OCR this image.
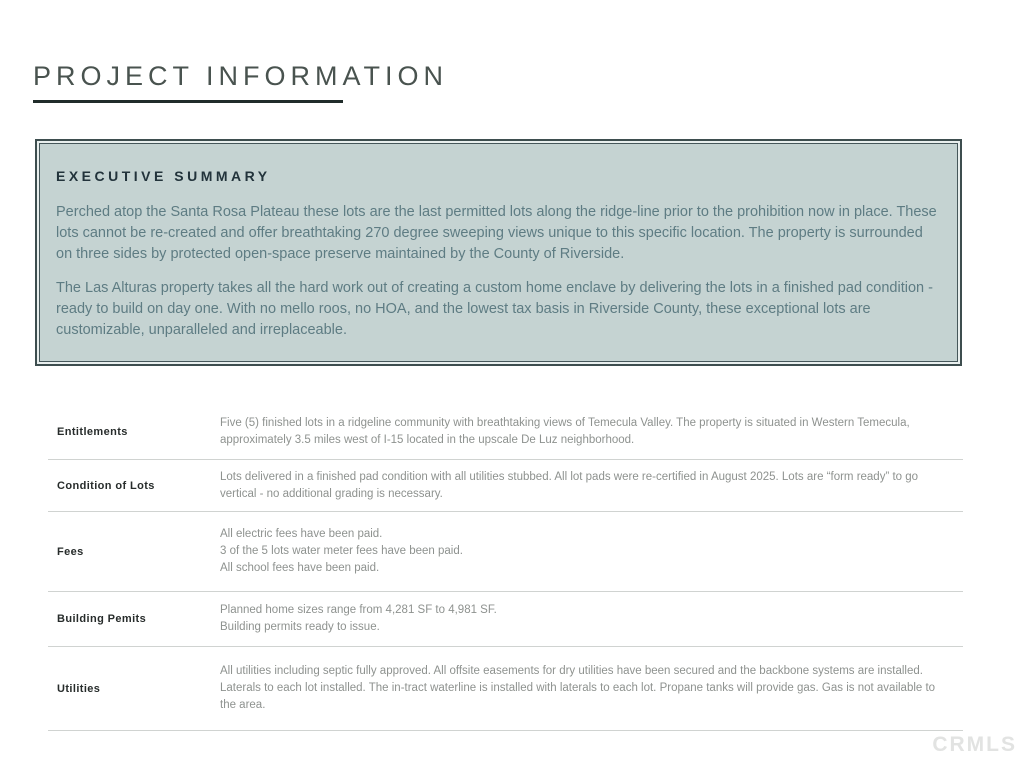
PROJECT INFORMATION
EXECUTIVE SUMMARY
Perched atop the Santa Rosa Plateau these lots are the last permitted lots along the ridge-line prior to the prohibition now in place. These lots cannot be re-created and offer breathtaking 270 degree sweeping views unique to this specific location. The property is surrounded on three sides by protected open-space preserve maintained by the County of Riverside.
The Las Alturas property takes all the hard work out of creating a custom home enclave by delivering the lots in a finished pad condition - ready to build on day one. With no mello roos, no HOA, and the lowest tax basis in Riverside County, these exceptional lots are customizable, unparalleled and irreplaceable.
Entitlements
Five (5) finished lots in a ridgeline community with breathtaking views of Temecula Valley. The property is situated in Western Temecula, approximately 3.5 miles west of I-15 located in the upscale De Luz neighborhood.
Condition of Lots
Lots delivered in a finished pad condition with all utilities stubbed. All lot pads were re-certified in August 2025. Lots are “form ready” to go vertical - no additional grading is necessary.
Fees
All electric fees have been paid.
3 of the 5 lots water meter fees have been paid.
All school fees have been paid.
Building Pemits
Planned home sizes range from 4,281 SF to 4,981 SF.
Building permits ready to issue.
Utilities
All utilities including septic fully approved. All offsite easements for dry utilities have been secured and the backbone systems are installed. Laterals to each lot installed. The in-tract waterline is installed with laterals to each lot. Propane tanks will provide gas. Gas is not available to the area.
CRMLS
